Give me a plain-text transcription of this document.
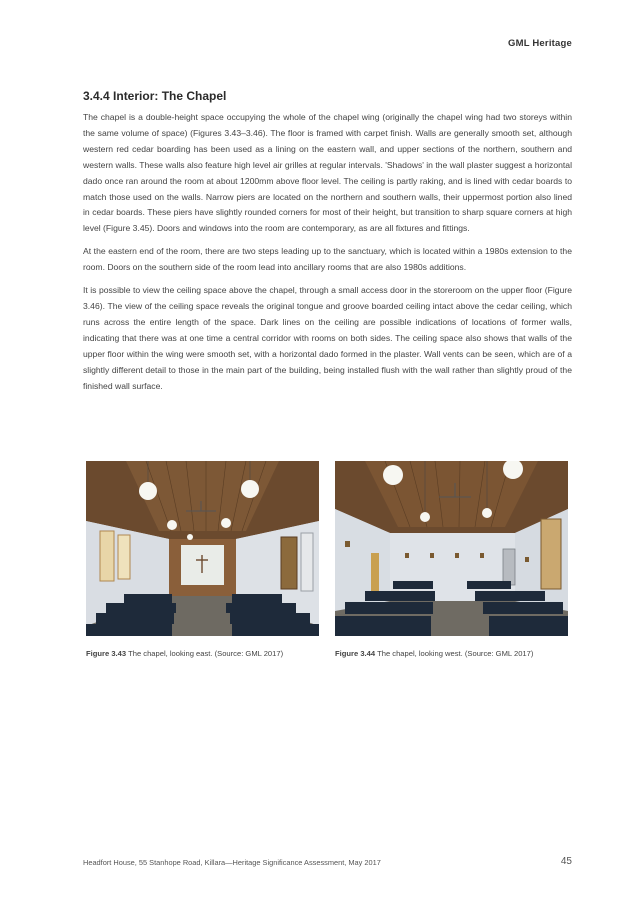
GML Heritage
3.4.4 Interior: The Chapel

The chapel is a double-height space occupying the whole of the chapel wing (originally the chapel wing had two storeys within the same volume of space) (Figures 3.43–3.46). The floor is framed with carpet finish. Walls are generally smooth set, although western red cedar boarding has been used as a lining on the eastern wall, and upper sections of the northern, southern and western walls. These walls also feature high level air grilles at regular intervals. 'Shadows' in the wall plaster suggest a horizontal dado once ran around the room at about 1200mm above floor level. The ceiling is partly raking, and is lined with cedar boards to match those used on the walls. Narrow piers are located on the northern and southern walls, their uppermost portion also lined in cedar boards. These piers have slightly rounded corners for most of their height, but transition to sharp square corners at high level (Figure 3.45). Doors and windows into the room are contemporary, as are all fixtures and fittings.

At the eastern end of the room, there are two steps leading up to the sanctuary, which is located within a 1980s extension to the room. Doors on the southern side of the room lead into ancillary rooms that are also 1980s additions.

It is possible to view the ceiling space above the chapel, through a small access door in the storeroom on the upper floor (Figure 3.46). The view of the ceiling space reveals the original tongue and groove boarded ceiling intact above the cedar ceiling, which runs across the entire length of the space. Dark lines on the ceiling are possible indications of locations of former walls, indicating that there was at one time a central corridor with rooms on both sides. The ceiling space also shows that walls of the upper floor within the wing were smooth set, with a horizontal dado formed in the plaster. Wall vents can be seen, which are of a slightly different detail to those in the main part of the building, being installed flush with the wall rather than slightly proud of the finished wall surface.

Figure 3.43 The chapel, looking east. (Source: GML 2017)	Figure 3.44 The chapel, looking west. (Source: GML 2017)
Headfort House, 55 Stanhope Road, Killara—Heritage Significance Assessment, May 2017	45
